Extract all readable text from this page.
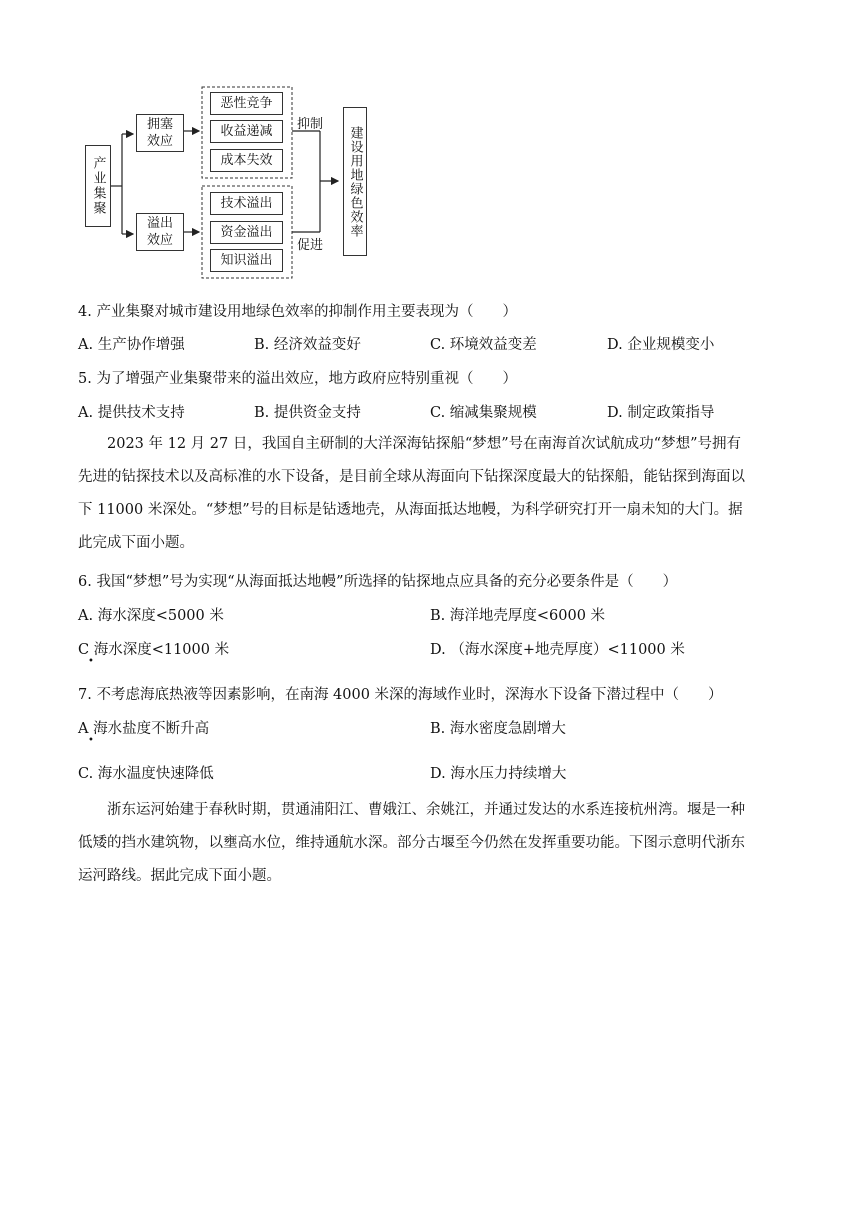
产业集聚
拥塞效应
溢出效应
恶性竞争
收益递减
成本失效
技术溢出
资金溢出
知识溢出
抑制
促进
建设用地绿色效率
4. 产业集聚对城市建设用地绿色效率的抑制作用主要表现为（　　）
A. 生产协作增强	B. 经济效益变好	C. 环境效益变差	D. 企业规模变小
5. 为了增强产业集聚带来的溢出效应，地方政府应特别重视（　　）
A. 提供技术支持	B. 提供资金支持	C. 缩减集聚规模	D. 制定政策指导

2023 年 12 月 27 日，我国自主研制的大洋深海钻探船“梦想”号在南海首次试航成功“梦想”号拥有

先进的钻探技术以及高标准的水下设备，是目前全球从海面向下钻探深度最大的钻探船，能钻探到海面以

下 11000 米深处。“梦想”号的目标是钻透地壳，从海面抵达地幔，为科学研究打开一扇未知的大门。据

此完成下面小题。

6. 我国“梦想”号为实现“从海面抵达地幔”所选择的钻探地点应具备的充分必要条件是（　　）
A. 海水深度<5000 米	B. 海洋地壳厚度<6000 米
C 海水深度<11000 米
•
D. （海水深度+地壳厚度）<11000 米
7. 不考虑海底热液等因素影响，在南海 4000 米深的海域作业时，深海水下设备下潜过程中（　　）
A 海水盐度不断升高
•
B. 海水密度急剧增大
C. 海水温度快速降低	D. 海水压力持续增大

浙东运河始建于春秋时期，贯通浦阳江、曹娥江、余姚江，并通过发达的水系连接杭州湾。堰是一种

低矮的挡水建筑物，以壅高水位，维持通航水深。部分古堰至今仍然在发挥重要功能。下图示意明代浙东

运河路线。据此完成下面小题。
